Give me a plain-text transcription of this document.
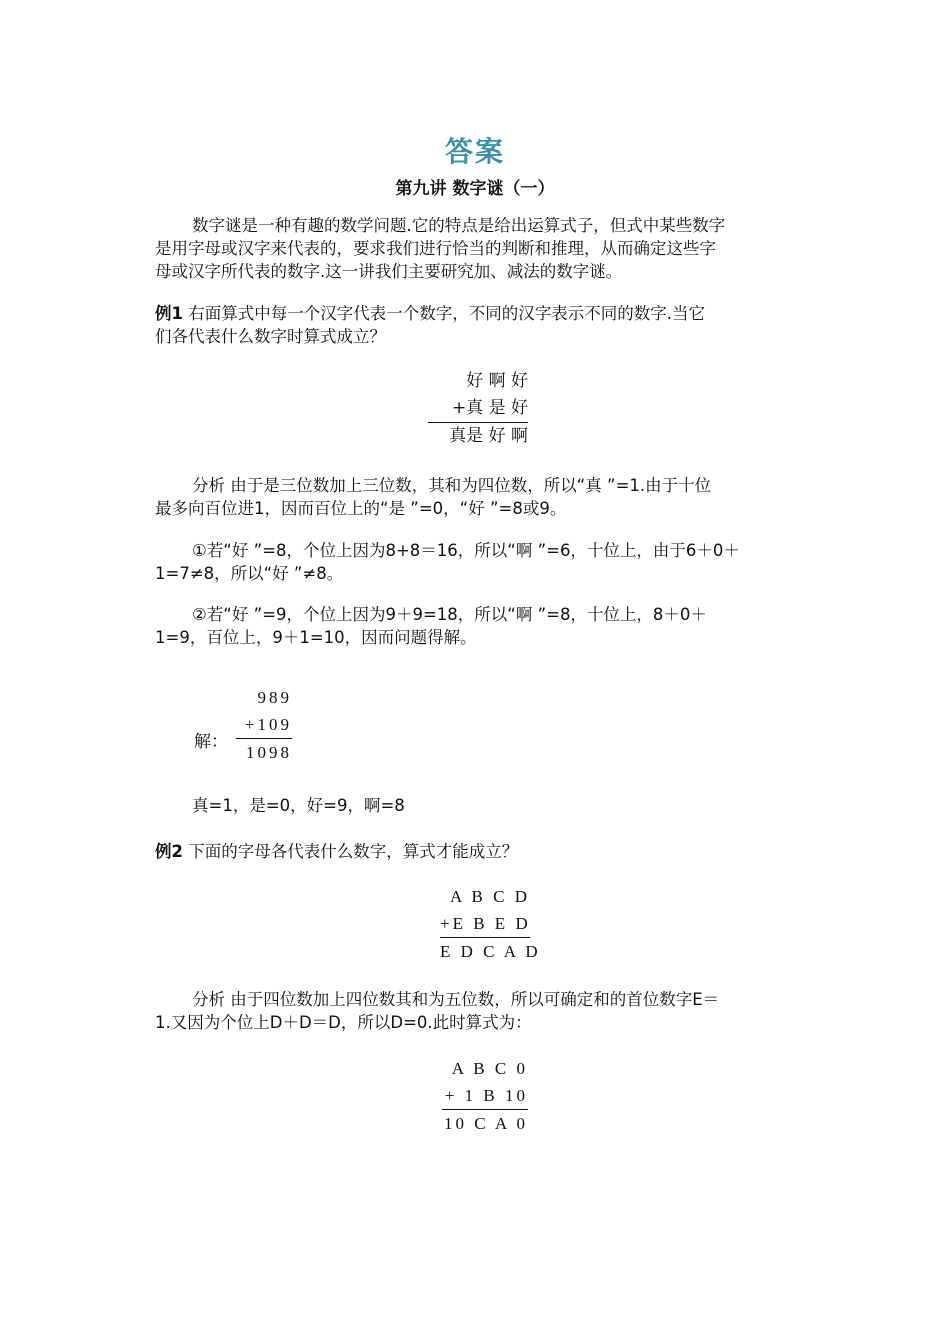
答案
第九讲 数字谜（一）
数字谜是一种有趣的数学问题.它的特点是给出运算式子，但式中某些数字
是用字母或汉字来代表的，要求我们进行恰当的判断和推理，从而确定这些字
母或汉字所代表的数字.这一讲我们主要研究加、减法的数字谜。
例1 右面算式中每一个汉字代表一个数字，不同的汉字表示不同的数字.当它
们各代表什么数字时算式成立？
好 啊 好
+真 是 好
真是 好 啊
分析 由于是三位数加上三位数，其和为四位数，所以“真 ”=1.由于十位
最多向百位进1，因而百位上的“是 ”=0，“好 ”=8或9。
①若“好 ”=8，个位上因为8+8＝16，所以“啊 ”=6，十位上，由于6＋0＋
1=7≠8，所以“好 ”≠8。
②若“好 ”=9，个位上因为9＋9=18，所以“啊 ”=8，十位上，8＋0＋
1=9，百位上，9＋1=10，因而问题得解。
解：
989
+109
1098
真=1，是=0，好=9，啊=8
例2 下面的字母各代表什么数字，算式才能成立？
A B C D
+E B E D
E D C A D
分析 由于四位数加上四位数其和为五位数，所以可确定和的首位数字E＝
1.又因为个位上D＋D＝D，所以D=0.此时算式为：
A B C 0
+ 1 B 10
10 C A 0
